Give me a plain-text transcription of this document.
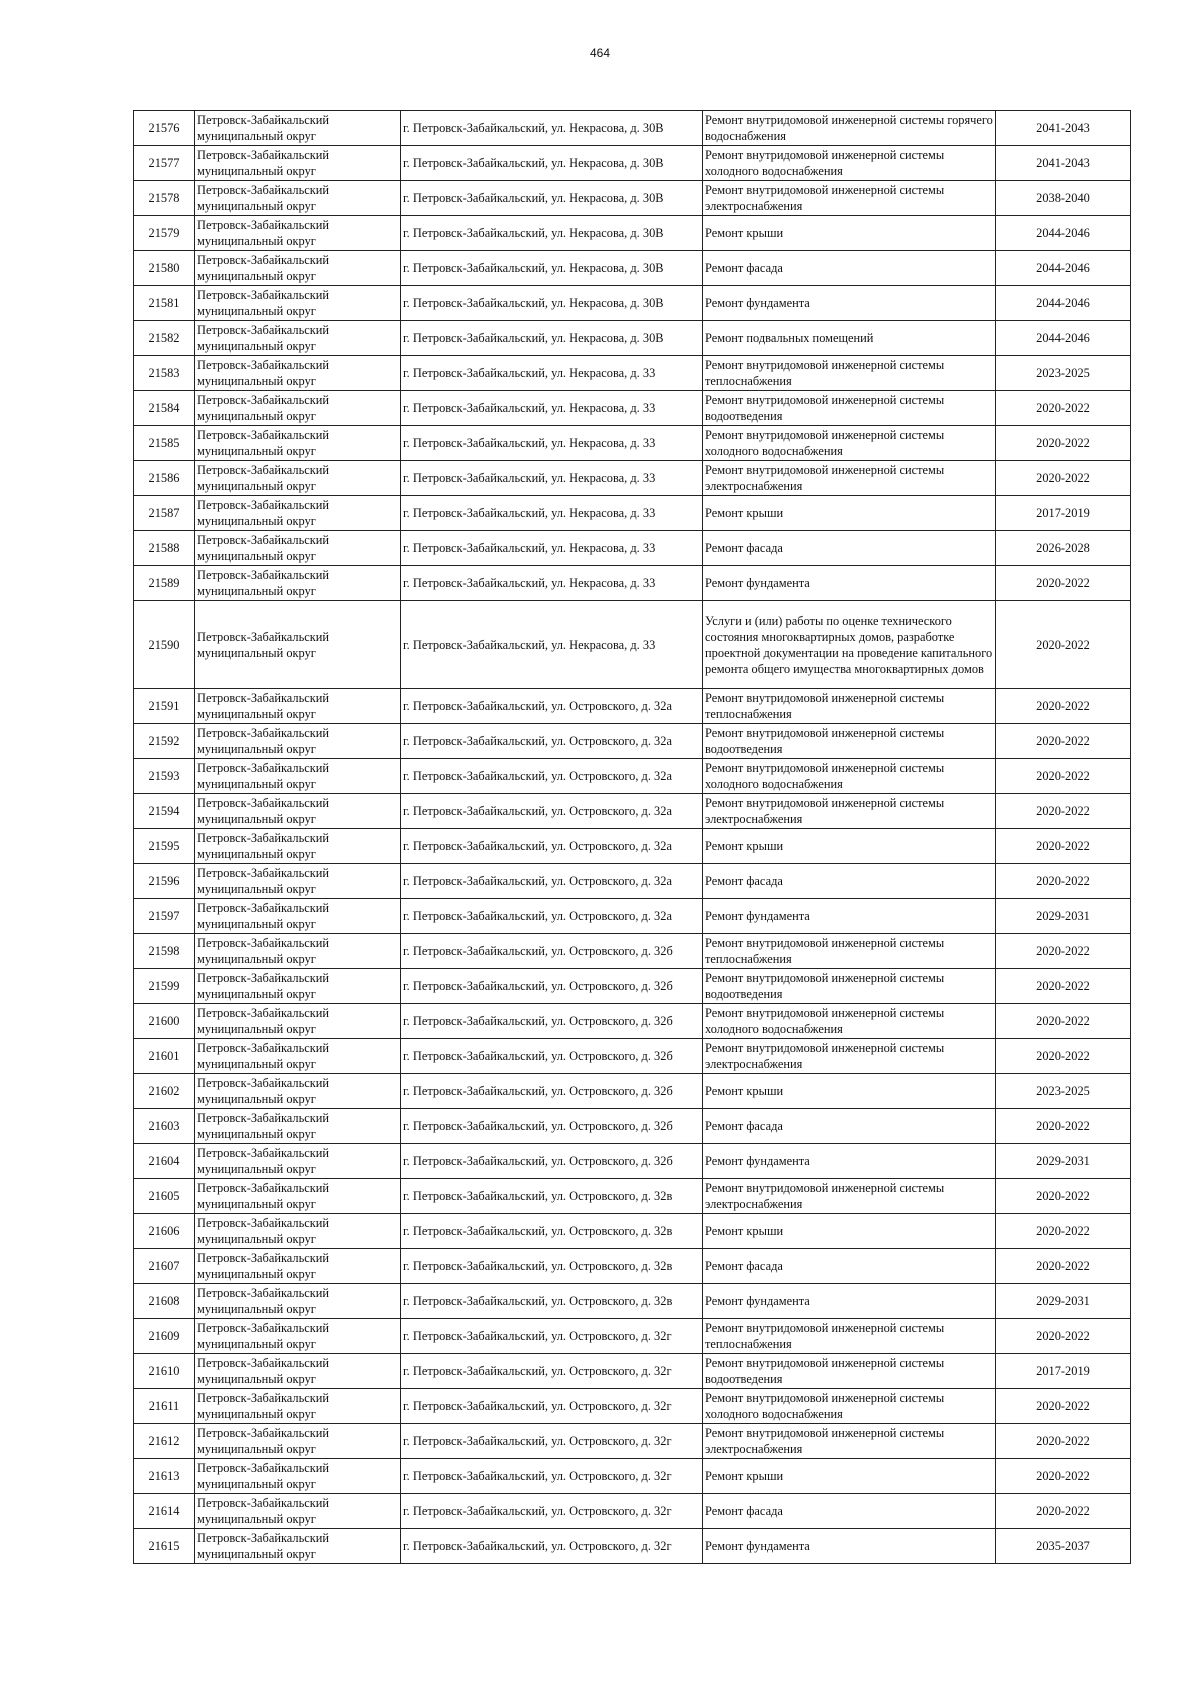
464
21576	Петровск-Забайкальский муниципальный округ	г. Петровск-Забайкальский, ул. Некрасова, д. 30В	Ремонт внутридомовой инженерной системы горячего водоснабжения	2041-2043
21577	Петровск-Забайкальский муниципальный округ	г. Петровск-Забайкальский, ул. Некрасова, д. 30В	Ремонт внутридомовой инженерной системы холодного водоснабжения	2041-2043
21578	Петровск-Забайкальский муниципальный округ	г. Петровск-Забайкальский, ул. Некрасова, д. 30В	Ремонт внутридомовой инженерной системы электроснабжения	2038-2040
21579	Петровск-Забайкальский муниципальный округ	г. Петровск-Забайкальский, ул. Некрасова, д. 30В	Ремонт крыши	2044-2046
21580	Петровск-Забайкальский муниципальный округ	г. Петровск-Забайкальский, ул. Некрасова, д. 30В	Ремонт фасада	2044-2046
21581	Петровск-Забайкальский муниципальный округ	г. Петровск-Забайкальский, ул. Некрасова, д. 30В	Ремонт фундамента	2044-2046
21582	Петровск-Забайкальский муниципальный округ	г. Петровск-Забайкальский, ул. Некрасова, д. 30В	Ремонт подвальных помещений	2044-2046
21583	Петровск-Забайкальский муниципальный округ	г. Петровск-Забайкальский, ул. Некрасова, д. 33	Ремонт внутридомовой инженерной системы теплоснабжения	2023-2025
21584	Петровск-Забайкальский муниципальный округ	г. Петровск-Забайкальский, ул. Некрасова, д. 33	Ремонт внутридомовой инженерной системы водоотведения	2020-2022
21585	Петровск-Забайкальский муниципальный округ	г. Петровск-Забайкальский, ул. Некрасова, д. 33	Ремонт внутридомовой инженерной системы холодного водоснабжения	2020-2022
21586	Петровск-Забайкальский муниципальный округ	г. Петровск-Забайкальский, ул. Некрасова, д. 33	Ремонт внутридомовой инженерной системы электроснабжения	2020-2022
21587	Петровск-Забайкальский муниципальный округ	г. Петровск-Забайкальский, ул. Некрасова, д. 33	Ремонт крыши	2017-2019
21588	Петровск-Забайкальский муниципальный округ	г. Петровск-Забайкальский, ул. Некрасова, д. 33	Ремонт фасада	2026-2028
21589	Петровск-Забайкальский муниципальный округ	г. Петровск-Забайкальский, ул. Некрасова, д. 33	Ремонт фундамента	2020-2022
21590	Петровск-Забайкальский муниципальный округ	г. Петровск-Забайкальский, ул. Некрасова, д. 33	Услуги и (или) работы по оценке технического состояния многоквартирных домов, разработке проектной документации на проведение капитального ремонта общего имущества многоквартирных домов	2020-2022
21591	Петровск-Забайкальский муниципальный округ	г. Петровск-Забайкальский, ул. Островского, д. 32а	Ремонт внутридомовой инженерной системы теплоснабжения	2020-2022
21592	Петровск-Забайкальский муниципальный округ	г. Петровск-Забайкальский, ул. Островского, д. 32а	Ремонт внутридомовой инженерной системы водоотведения	2020-2022
21593	Петровск-Забайкальский муниципальный округ	г. Петровск-Забайкальский, ул. Островского, д. 32а	Ремонт внутридомовой инженерной системы холодного водоснабжения	2020-2022
21594	Петровск-Забайкальский муниципальный округ	г. Петровск-Забайкальский, ул. Островского, д. 32а	Ремонт внутридомовой инженерной системы электроснабжения	2020-2022
21595	Петровск-Забайкальский муниципальный округ	г. Петровск-Забайкальский, ул. Островского, д. 32а	Ремонт крыши	2020-2022
21596	Петровск-Забайкальский муниципальный округ	г. Петровск-Забайкальский, ул. Островского, д. 32а	Ремонт фасада	2020-2022
21597	Петровск-Забайкальский муниципальный округ	г. Петровск-Забайкальский, ул. Островского, д. 32а	Ремонт фундамента	2029-2031
21598	Петровск-Забайкальский муниципальный округ	г. Петровск-Забайкальский, ул. Островского, д. 32б	Ремонт внутридомовой инженерной системы теплоснабжения	2020-2022
21599	Петровск-Забайкальский муниципальный округ	г. Петровск-Забайкальский, ул. Островского, д. 32б	Ремонт внутридомовой инженерной системы водоотведения	2020-2022
21600	Петровск-Забайкальский муниципальный округ	г. Петровск-Забайкальский, ул. Островского, д. 32б	Ремонт внутридомовой инженерной системы холодного водоснабжения	2020-2022
21601	Петровск-Забайкальский муниципальный округ	г. Петровск-Забайкальский, ул. Островского, д. 32б	Ремонт внутридомовой инженерной системы электроснабжения	2020-2022
21602	Петровск-Забайкальский муниципальный округ	г. Петровск-Забайкальский, ул. Островского, д. 32б	Ремонт крыши	2023-2025
21603	Петровск-Забайкальский муниципальный округ	г. Петровск-Забайкальский, ул. Островского, д. 32б	Ремонт фасада	2020-2022
21604	Петровск-Забайкальский муниципальный округ	г. Петровск-Забайкальский, ул. Островского, д. 32б	Ремонт фундамента	2029-2031
21605	Петровск-Забайкальский муниципальный округ	г. Петровск-Забайкальский, ул. Островского, д. 32в	Ремонт внутридомовой инженерной системы электроснабжения	2020-2022
21606	Петровск-Забайкальский муниципальный округ	г. Петровск-Забайкальский, ул. Островского, д. 32в	Ремонт крыши	2020-2022
21607	Петровск-Забайкальский муниципальный округ	г. Петровск-Забайкальский, ул. Островского, д. 32в	Ремонт фасада	2020-2022
21608	Петровск-Забайкальский муниципальный округ	г. Петровск-Забайкальский, ул. Островского, д. 32в	Ремонт фундамента	2029-2031
21609	Петровск-Забайкальский муниципальный округ	г. Петровск-Забайкальский, ул. Островского, д. 32г	Ремонт внутридомовой инженерной системы теплоснабжения	2020-2022
21610	Петровск-Забайкальский муниципальный округ	г. Петровск-Забайкальский, ул. Островского, д. 32г	Ремонт внутридомовой инженерной системы водоотведения	2017-2019
21611	Петровск-Забайкальский муниципальный округ	г. Петровск-Забайкальский, ул. Островского, д. 32г	Ремонт внутридомовой инженерной системы холодного водоснабжения	2020-2022
21612	Петровск-Забайкальский муниципальный округ	г. Петровск-Забайкальский, ул. Островского, д. 32г	Ремонт внутридомовой инженерной системы электроснабжения	2020-2022
21613	Петровск-Забайкальский муниципальный округ	г. Петровск-Забайкальский, ул. Островского, д. 32г	Ремонт крыши	2020-2022
21614	Петровск-Забайкальский муниципальный округ	г. Петровск-Забайкальский, ул. Островского, д. 32г	Ремонт фасада	2020-2022
21615	Петровск-Забайкальский муниципальный округ	г. Петровск-Забайкальский, ул. Островского, д. 32г	Ремонт фундамента	2035-2037
